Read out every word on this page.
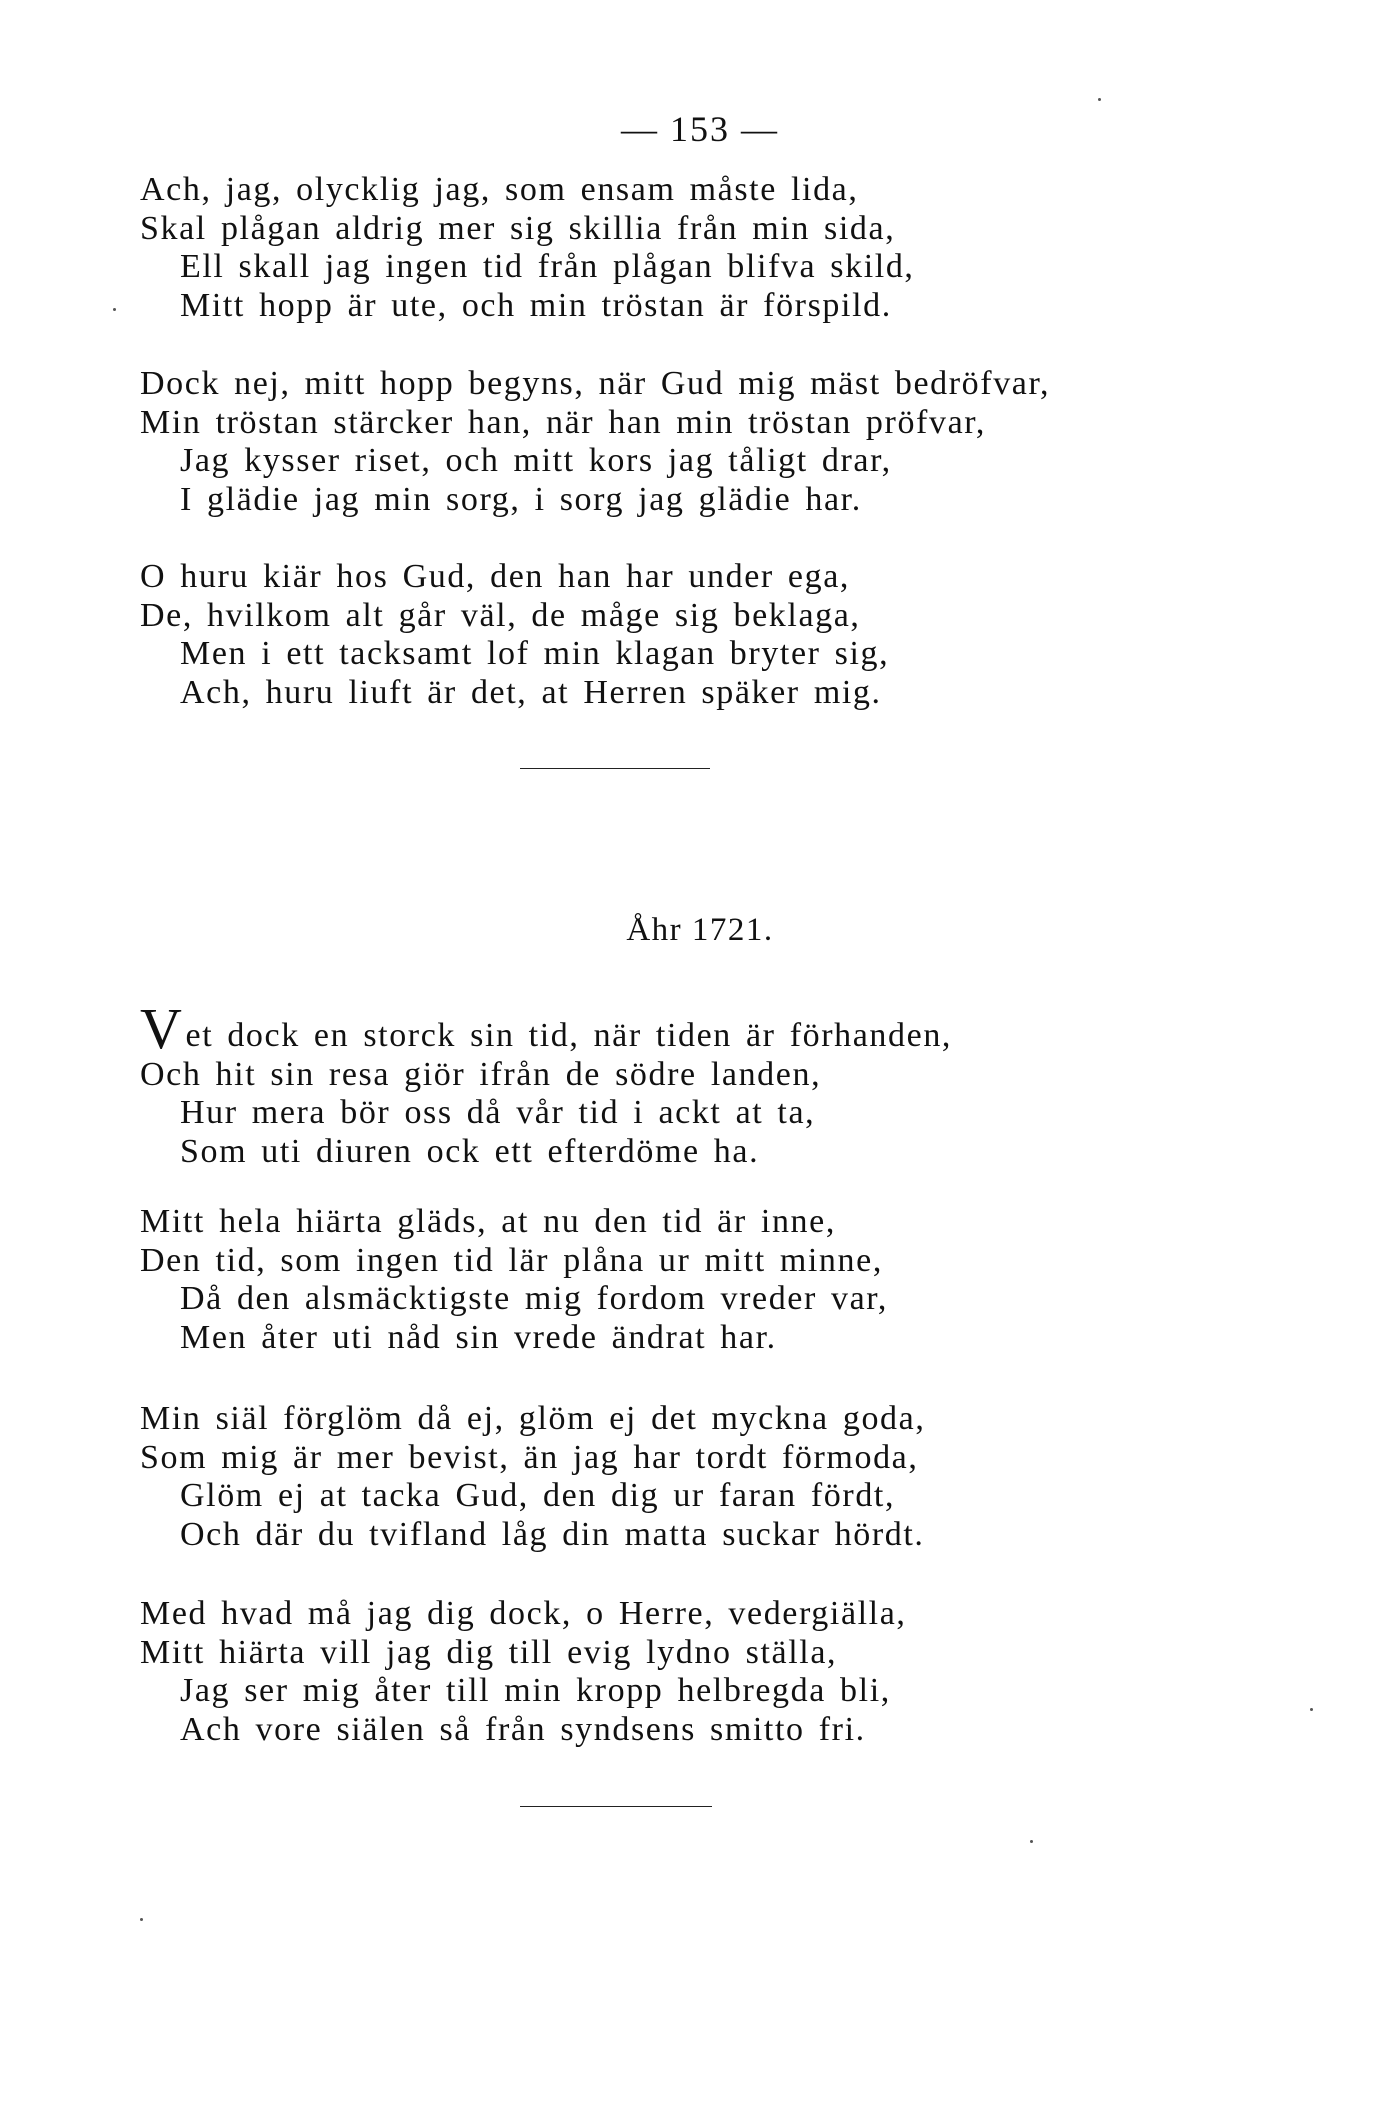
— 153 —
Ach, jag, olycklig jag, som ensam måste lida,
Skal plågan aldrig mer sig skillia från min sida,
Ell skall jag ingen tid från plågan blifva skild,
Mitt hopp är ute, och min tröstan är förspild.
Dock nej, mitt hopp begyns, när Gud mig mäst bedröfvar,
Min tröstan stärcker han, när han min tröstan pröfvar,
Jag kysser riset, och mitt kors jag tåligt drar,
I glädie jag min sorg, i sorg jag glädie har.
O huru kiär hos Gud, den han har under ega,
De, hvilkom alt går väl, de måge sig beklaga,
Men i ett tacksamt lof min klagan bryter sig,
Ach, huru liuft är det, at Herren späker mig.
Åhr 1721.
Vet dock en storck sin tid, när tiden är förhanden,
Och hit sin resa giör ifrån de södre landen,
Hur mera bör oss då vår tid i ackt at ta,
Som uti diuren ock ett efterdöme ha.
Mitt hela hiärta gläds, at nu den tid är inne,
Den tid, som ingen tid lär plåna ur mitt minne,
Då den alsmäcktigste mig fordom vreder var,
Men åter uti nåd sin vrede ändrat har.
Min siäl förglöm då ej, glöm ej det myckna goda,
Som mig är mer bevist, än jag har tordt förmoda,
Glöm ej at tacka Gud, den dig ur faran fördt,
Och där du tvifland låg din matta suckar hördt.
Med hvad må jag dig dock, o Herre, vedergiälla,
Mitt hiärta vill jag dig till evig lydno ställa,
Jag ser mig åter till min kropp helbregda bli,
Ach vore siälen så från syndsens smitto fri.
